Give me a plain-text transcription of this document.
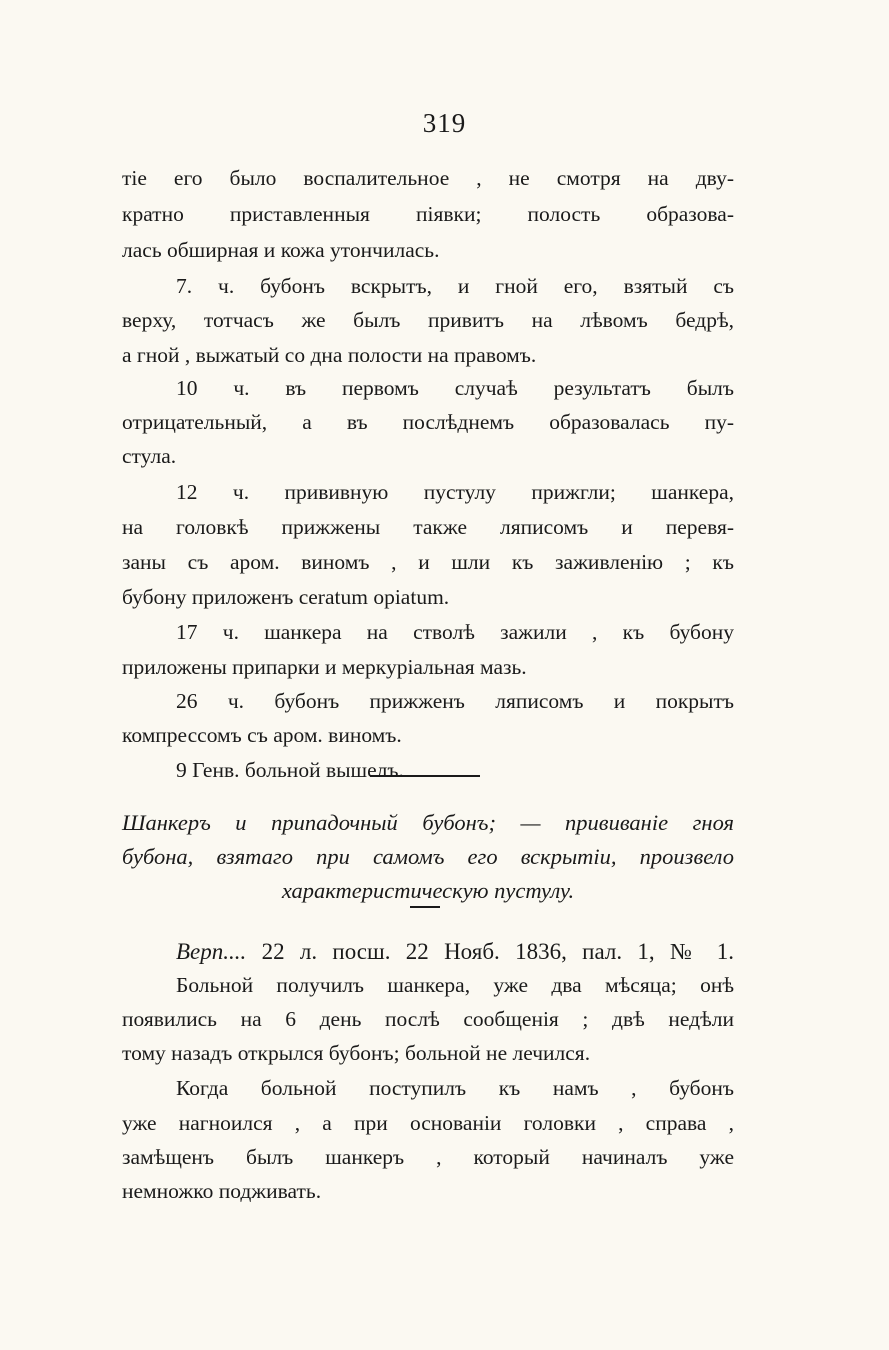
319
тіе его было воспалительное , не смотря на дву-
кратно приставленныя піявки; полость образова-
лась обширная и кожа утончилась.
7. ч. бубонъ вскрытъ, и гной его, взятый съ
верху, тотчасъ же былъ привитъ на лѣвомъ бедрѣ,
а гной , выжатый со дна полости на правомъ.
10 ч. въ первомъ случаѣ результатъ былъ
отрицательный, а въ послѣднемъ образовалась пу-
стула.
12 ч. прививную пустулу прижгли; шанкера,
на головкѣ прижжены также ляписомъ и перевя-
заны съ аром. виномъ , и шли къ заживленію ; къ
бубону приложенъ ceratum opiatum.
17 ч. шанкера на стволѣ зажили , къ бубону
приложены припарки и меркуріальная мазь.
26 ч. бубонъ прижженъ ляписомъ и покрытъ
компрессомъ съ аром. виномъ.
9 Генв. больной вышелъ.
Шанкеръ и припадочный бубонъ; — прививаніе гноя
бубона, взятаго при самомъ его вскрытіи, произвело
характеристическую пустулу.
Верп.... 22 л. посш. 22 Нояб. 1836, пал. 1, № 1.
Больной получилъ шанкера, уже два мѣсяца; онѣ
появились на 6 день послѣ сообщенія ; двѣ недѣли
тому назадъ открылся бубонъ; больной не лечился.
Когда больной поступилъ къ намъ , бубонъ
уже нагноился , а при основаніи головки , справа ,
замѣщенъ былъ шанкеръ , который начиналъ уже
немножко подживать.
